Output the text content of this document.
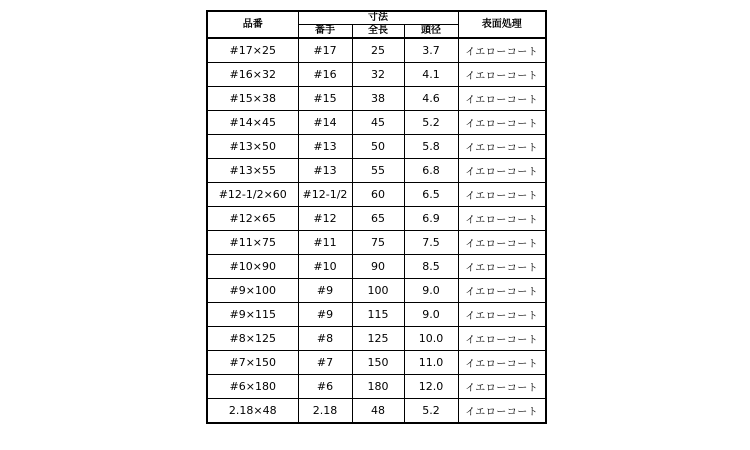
品番	寸法			表面処理
	番手	全長	頭径	
#17×25	#17	25	3.7	イエローコート
#16×32	#16	32	4.1	イエローコート
#15×38	#15	38	4.6	イエローコート
#14×45	#14	45	5.2	イエローコート
#13×50	#13	50	5.8	イエローコート
#13×55	#13	55	6.8	イエローコート
#12-1/2×60	#12-1/2	60	6.5	イエローコート
#12×65	#12	65	6.9	イエローコート
#11×75	#11	75	7.5	イエローコート
#10×90	#10	90	8.5	イエローコート
#9×100	#9	100	9.0	イエローコート
#9×115	#9	115	9.0	イエローコート
#8×125	#8	125	10.0	イエローコート
#7×150	#7	150	11.0	イエローコート
#6×180	#6	180	12.0	イエローコート
2.18×48	2.18	48	5.2	イエローコート
